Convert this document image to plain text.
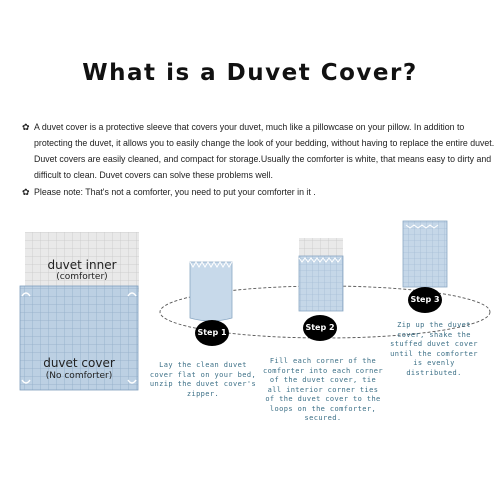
What is a Duvet Cover?
✿ A duvet cover is a protective sleeve that covers your duvet, much like a pillowcase on your pillow. In addition to protecting the duvet, it allows you to easily change the look of your bedding, without having to replace the entire duvet. Duvet covers are easily cleaned, and compact for storage.Usually the comforter is white, that means easy to dirty and difficult to clean. Duvet covers can solve these problems well.
✿ Please note: That's not a comforter, you need to put your comforter in it .
duvet inner
(comforter)
duvet cover
(No comforter)
Step 1
Step 2
Step 3
Lay the clean duvet cover flat on your bed, unzip the duvet cover's zipper.
Fill each corner of the comforter into each corner of the duvet cover, tie all interior corner ties of the duvet cover to the loops on the comforter, secured.
Zip up the duvet cover, shake the stuffed duvet cover until the comforter is evenly distributed.
